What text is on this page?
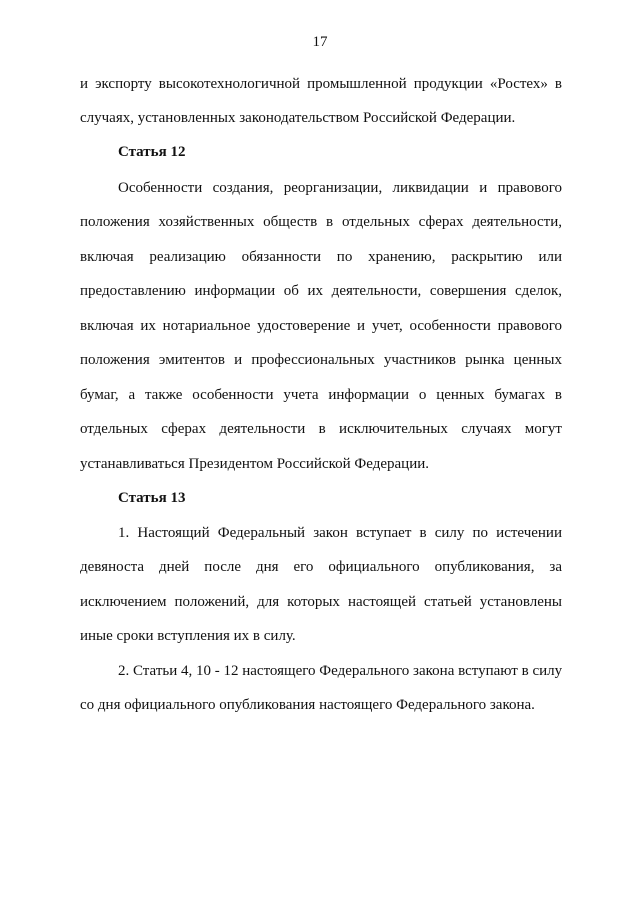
17
и экспорту высокотехнологичной промышленной продукции «Ростех» в
случаях, установленных законодательством Российской Федерации.
Статья 12
Особенности создания, реорганизации, ликвидации и правового
положения хозяйственных обществ в отдельных сферах деятельности,
включая реализацию обязанности по хранению, раскрытию или
предоставлению информации об их деятельности, совершения сделок,
включая их нотариальное удостоверение и учет, особенности правового
положения эмитентов и профессиональных участников рынка ценных
бумаг, а также особенности учета информации о ценных бумагах в
отдельных сферах деятельности в исключительных случаях могут
устанавливаться Президентом Российской Федерации.
Статья 13
1. Настоящий Федеральный закон вступает в силу по истечении
девяноста дней после дня его официального опубликования, за
исключением положений, для которых настоящей статьей установлены
иные сроки вступления их в силу.
2. Статьи 4, 10 - 12 настоящего Федерального закона вступают в силу
со дня официального опубликования настоящего Федерального закона.
